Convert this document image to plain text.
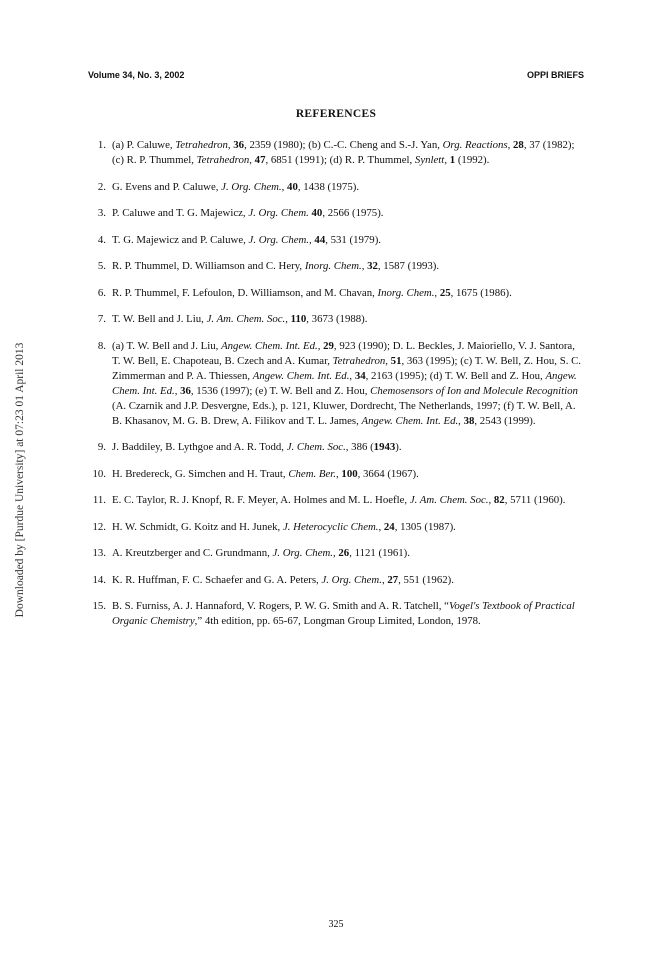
Volume 34, No. 3, 2002	OPPI BRIEFS
REFERENCES
Downloaded by [Purdue University] at 07:23 01 April 2013
1. (a) P. Caluwe, Tetrahedron, 36, 2359 (1980); (b) C.-C. Cheng and S.-J. Yan, Org. Reactions, 28, 37 (1982); (c) R. P. Thummel, Tetrahedron, 47, 6851 (1991); (d) R. P. Thummel, Synlett, 1 (1992).
2. G. Evens and P. Caluwe, J. Org. Chem., 40, 1438 (1975).
3. P. Caluwe and T. G. Majewicz, J. Org. Chem. 40, 2566 (1975).
4. T. G. Majewicz and P. Caluwe, J. Org. Chem., 44, 531 (1979).
5. R. P. Thummel, D. Williamson and C. Hery, Inorg. Chem., 32, 1587 (1993).
6. R. P. Thummel, F. Lefoulon, D. Williamson, and M. Chavan, Inorg. Chem., 25, 1675 (1986).
7. T. W. Bell and J. Liu, J. Am. Chem. Soc., 110, 3673 (1988).
8. (a) T. W. Bell and J. Liu, Angew. Chem. Int. Ed., 29, 923 (1990); D. L. Beckles, J. Maioriello, V. J. Santora, T. W. Bell, E. Chapoteau, B. Czech and A. Kumar, Tetrahedron, 51, 363 (1995); (c) T. W. Bell, Z. Hou, S. C. Zimmerman and P. A. Thiessen, Angew. Chem. Int. Ed., 34, 2163 (1995); (d) T. W. Bell and Z. Hou, Angew. Chem. Int. Ed., 36, 1536 (1997); (e) T. W. Bell and Z. Hou, Chemosensors of Ion and Molecule Recognition (A. Czarnik and J.P. Desvergne, Eds.), p. 121, Kluwer, Dordrecht, The Netherlands, 1997; (f) T. W. Bell, A. B. Khasanov, M. G. B. Drew, A. Filikov and T. L. James, Angew. Chem. Int. Ed., 38, 2543 (1999).
9. J. Baddiley, B. Lythgoe and A. R. Todd, J. Chem. Soc., 386 (1943).
10. H. Bredereck, G. Simchen and H. Traut, Chem. Ber., 100, 3664 (1967).
11. E. C. Taylor, R. J. Knopf, R. F. Meyer, A. Holmes and M. L. Hoefle, J. Am. Chem. Soc., 82, 5711 (1960).
12. H. W. Schmidt, G. Koitz and H. Junek, J. Heterocyclic Chem., 24, 1305 (1987).
13. A. Kreutzberger and C. Grundmann, J. Org. Chem., 26, 1121 (1961).
14. K. R. Huffman, F. C. Schaefer and G. A. Peters, J. Org. Chem., 27, 551 (1962).
15. B. S. Furniss, A. J. Hannaford, V. Rogers, P. W. G. Smith and A. R. Tatchell, “Vogel's Textbook of Practical Organic Chemistry,” 4th edition, pp. 65-67, Longman Group Limited, London, 1978.
325
